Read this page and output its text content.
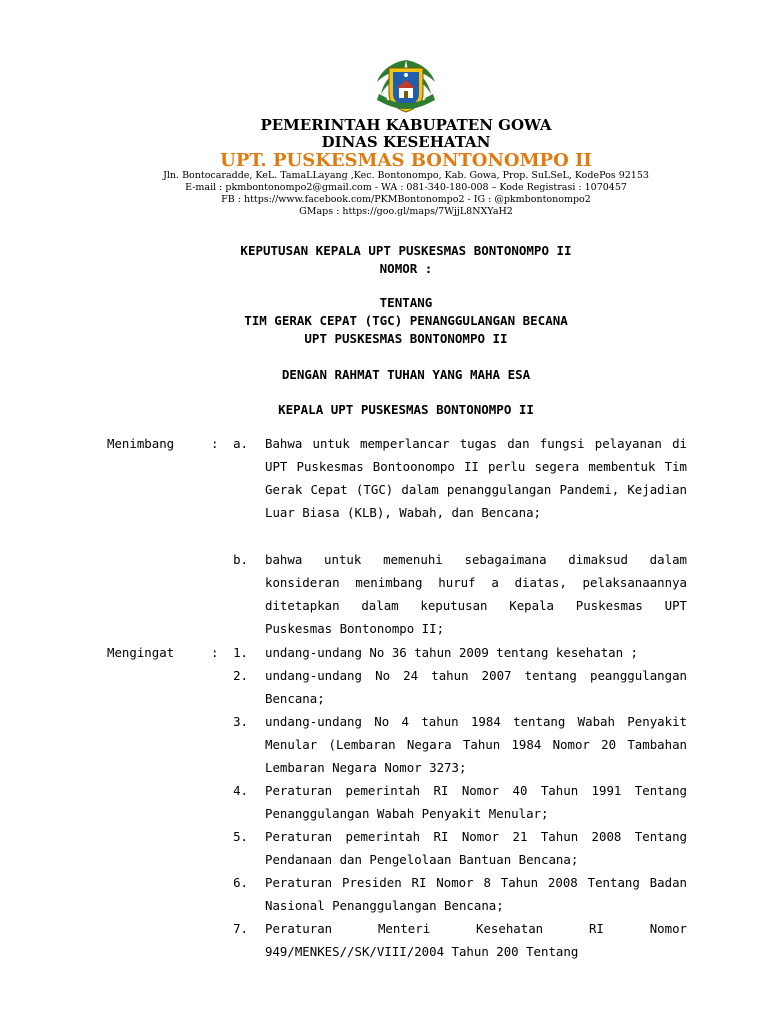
PEMERINTAH KABUPATEN GOWA
DINAS KESEHATAN
UPT. PUSKESMAS BONTONOMPO II
Jln. Bontocaradde, KeL. TamaLLayang ,Kec. Bontonompo, Kab. Gowa, Prop. SuLSeL, KodePos 92153
E-mail : pkmbontonompo2@gmail.com - WA : 081-340-180-008 – Kode Registrasi : 1070457
FB : https://www.facebook.com/PKMBontonompo2 - IG : @pkmbontonompo2
GMaps : https://goo.gl/maps/7WjjL8NXYaH2
KEPUTUSAN KEPALA UPT PUSKESMAS BONTONOMPO II
NOMOR :
TENTANG
TIM GERAK CEPAT (TGC) PENANGGULANGAN BECANA
UPT PUSKESMAS BONTONOMPO II
DENGAN RAHMAT TUHAN YANG MAHA ESA
KEPALA UPT PUSKESMAS BONTONOMPO II
Menimbang	:	a. Bahwa untuk memperlancar tugas dan fungsi pelayanan di UPT Puskesmas Bontoonompo II perlu segera membentuk Tim Gerak Cepat (TGC) dalam penanggulangan Pandemi, Kejadian Luar Biasa (KLB), Wabah, dan Bencana;
b. bahwa untuk memenuhi sebagaimana dimaksud dalam konsideran menimbang huruf a diatas, pelaksanaannya ditetapkan dalam keputusan Kepala Puskesmas UPT Puskesmas Bontonompo II;
Mengingat	:	1. undang-undang No 36 tahun 2009 tentang kesehatan ;
2. undang-undang No 24 tahun 2007 tentang peanggulangan Bencana;
3. undang-undang No 4 tahun 1984 tentang Wabah Penyakit Menular (Lembaran Negara Tahun 1984 Nomor 20 Tambahan Lembaran Negara Nomor 3273;
4. Peraturan pemerintah RI Nomor 40 Tahun 1991 Tentang Penanggulangan Wabah Penyakit Menular;
5. Peraturan pemerintah RI Nomor 21 Tahun 2008 Tentang Pendanaan dan Pengelolaan Bantuan Bencana;
6. Peraturan Presiden RI Nomor 8 Tahun 2008 Tentang Badan Nasional Penanggulangan Bencana;
7. Peraturan Menteri Kesehatan RI Nomor 949/MENKES//SK/VIII/2004 Tahun 200 Tentang
